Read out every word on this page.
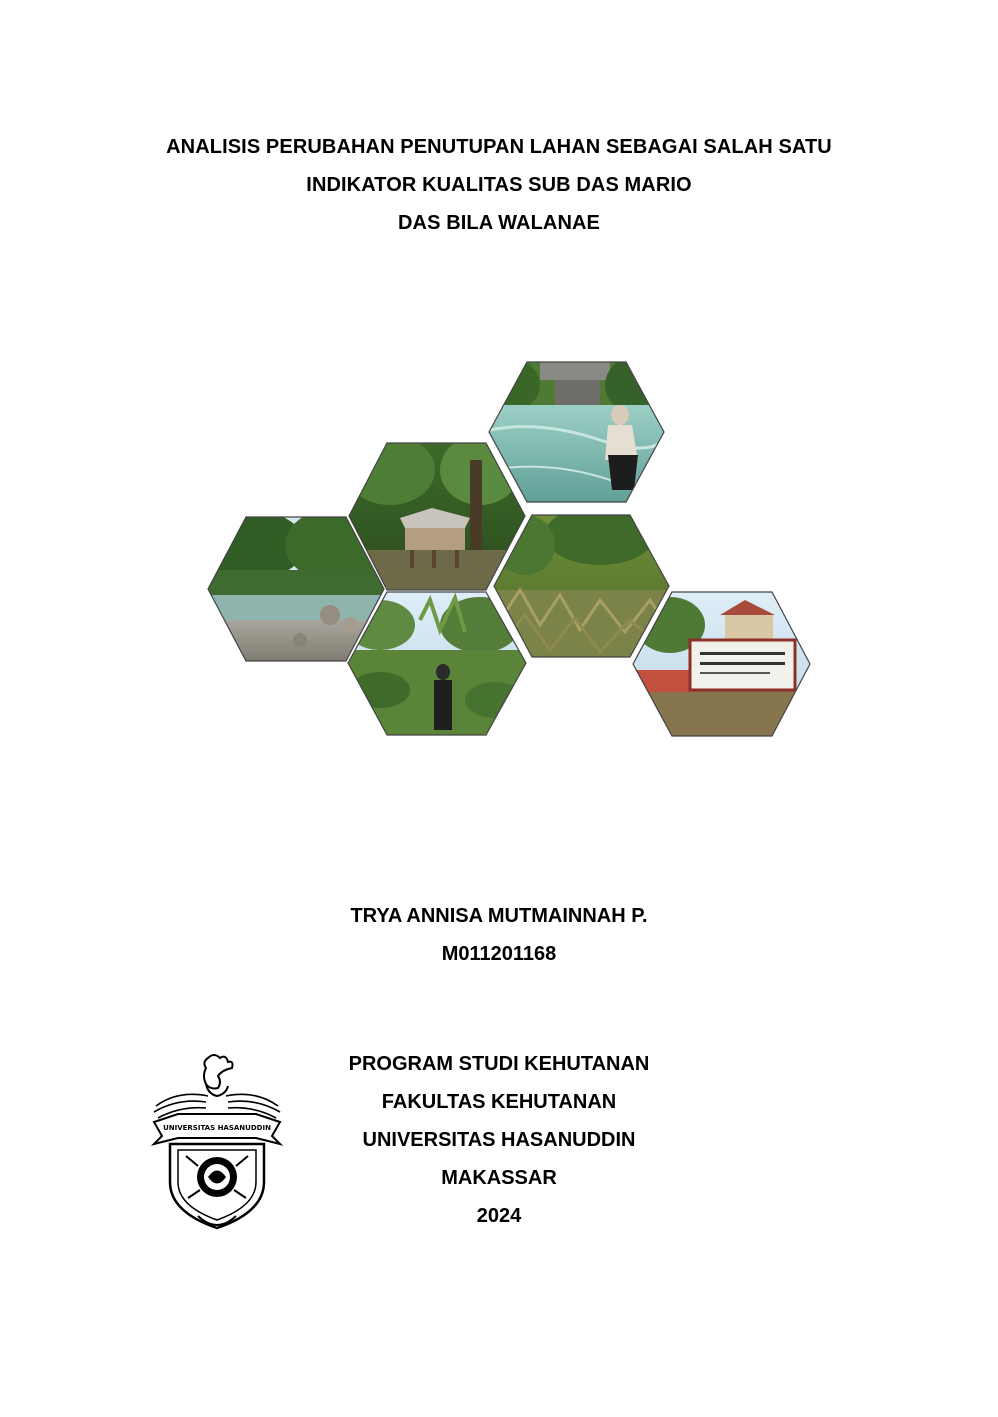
ANALISIS PERUBAHAN PENUTUPAN LAHAN SEBAGAI SALAH SATU
INDIKATOR KUALITAS SUB DAS MARIO
DAS BILA WALANAE
TRYA ANNISA MUTMAINNAH P.
M011201168
UNIVERSITAS HASANUDDIN
PROGRAM STUDI KEHUTANAN
FAKULTAS KEHUTANAN
UNIVERSITAS HASANUDDIN
MAKASSAR
2024
